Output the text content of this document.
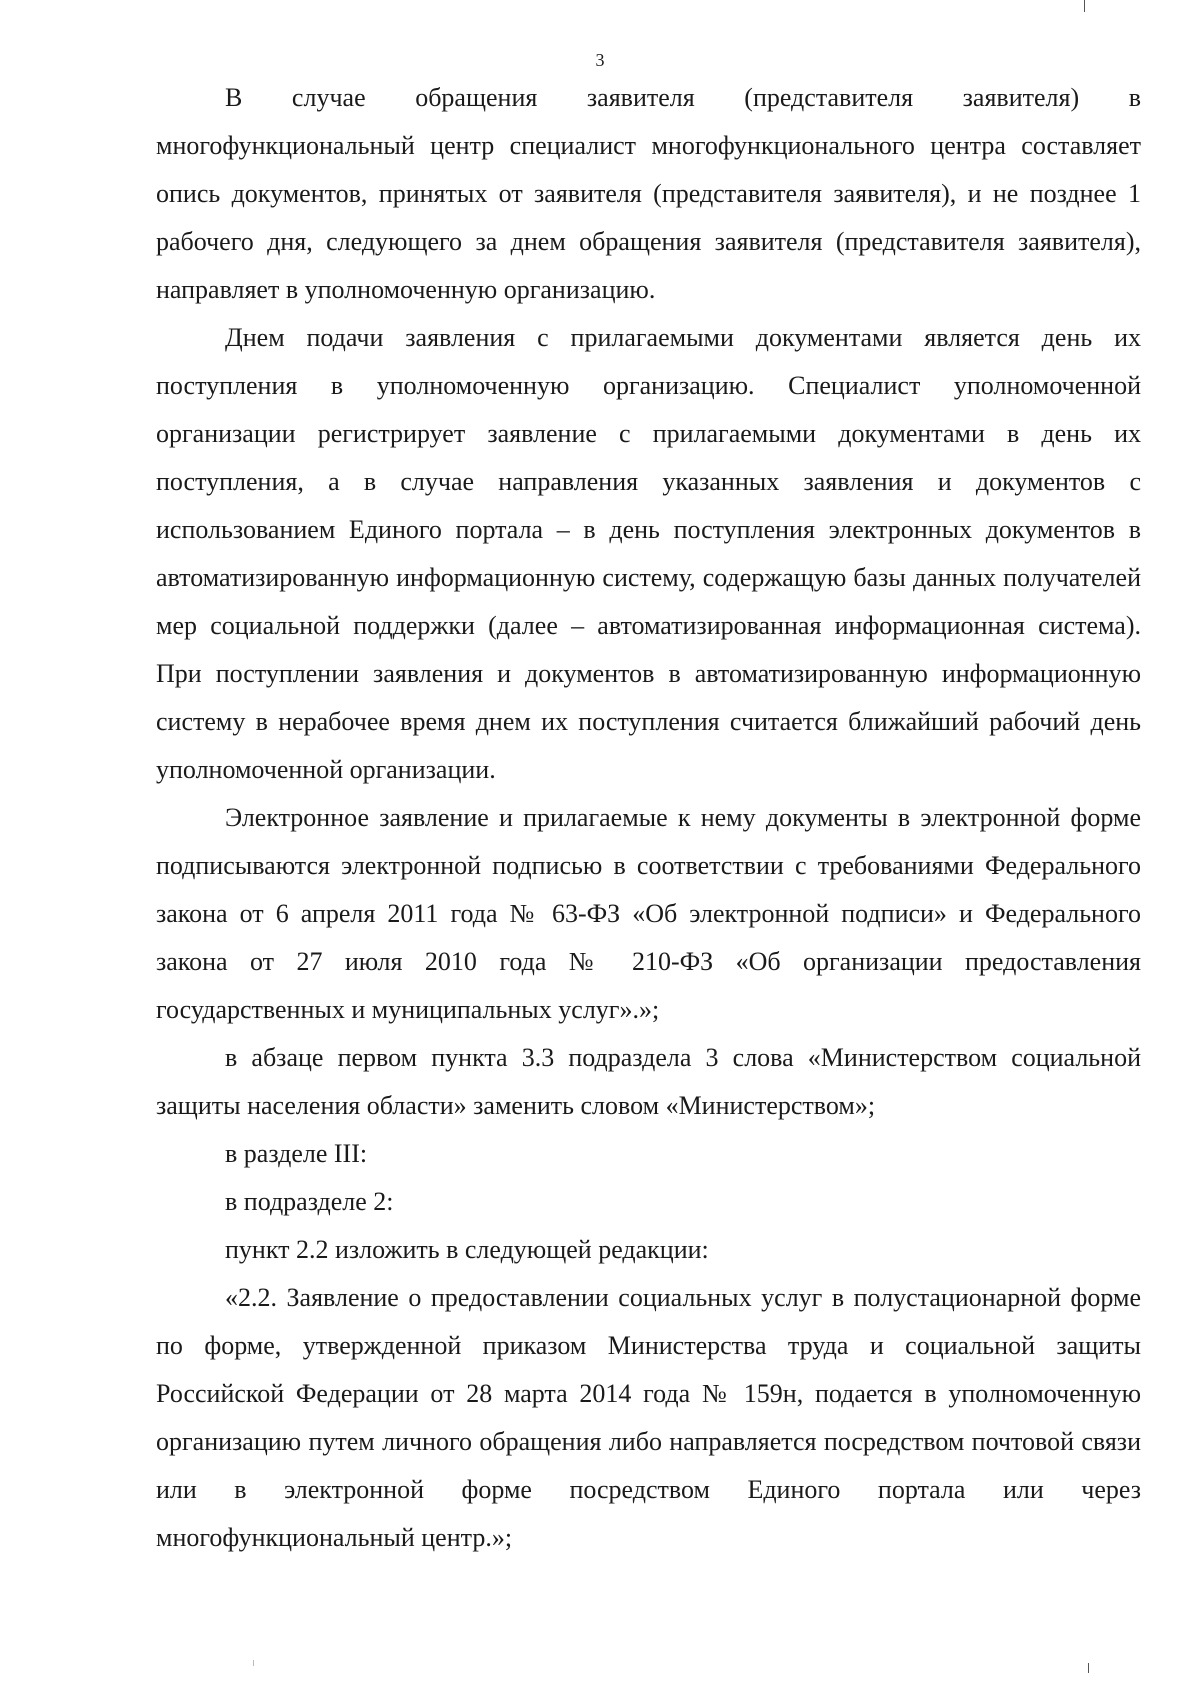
3

В случае обращения заявителя (представителя заявителя) в многофункциональный центр специалист многофункционального центра составляет опись документов, принятых от заявителя (представителя заявителя), и не позднее 1 рабочего дня, следующего за днем обращения заявителя (представителя заявителя), направляет в уполномоченную организацию.

Днем подачи заявления с прилагаемыми документами является день их поступления в уполномоченную организацию. Специалист уполномоченной организации регистрирует заявление с прилагаемыми документами в день их поступления, а в случае направления указанных заявления и документов с использованием Единого портала – в день поступления электронных документов в автоматизированную информационную систему, содержащую базы данных получателей мер социальной поддержки (далее – автоматизированная информационная система). При поступлении заявления и документов в автоматизированную информационную систему в нерабочее время днем их поступления считается ближайший рабочий день уполномоченной организации.

Электронное заявление и прилагаемые к нему документы в электронной форме подписываются электронной подписью в соответствии с требованиями Федерального закона от 6 апреля 2011 года № 63-ФЗ «Об электронной подписи» и Федерального закона от 27 июля 2010 года № 210-ФЗ «Об организации предоставления государственных и муниципальных услуг».»;

в абзаце первом пункта 3.3 подраздела 3 слова «Министерством социальной защиты населения области» заменить словом «Министерством»;

в разделе III:

в подразделе 2:

пункт 2.2 изложить в следующей редакции:

«2.2. Заявление о предоставлении социальных услуг в полустационарной форме по форме, утвержденной приказом Министерства труда и социальной защиты Российской Федерации от 28 марта 2014 года № 159н, подается в уполномоченную организацию путем личного обращения либо направляется посредством почтовой связи или в электронной форме посредством Единого портала или через многофункциональный центр.»;
